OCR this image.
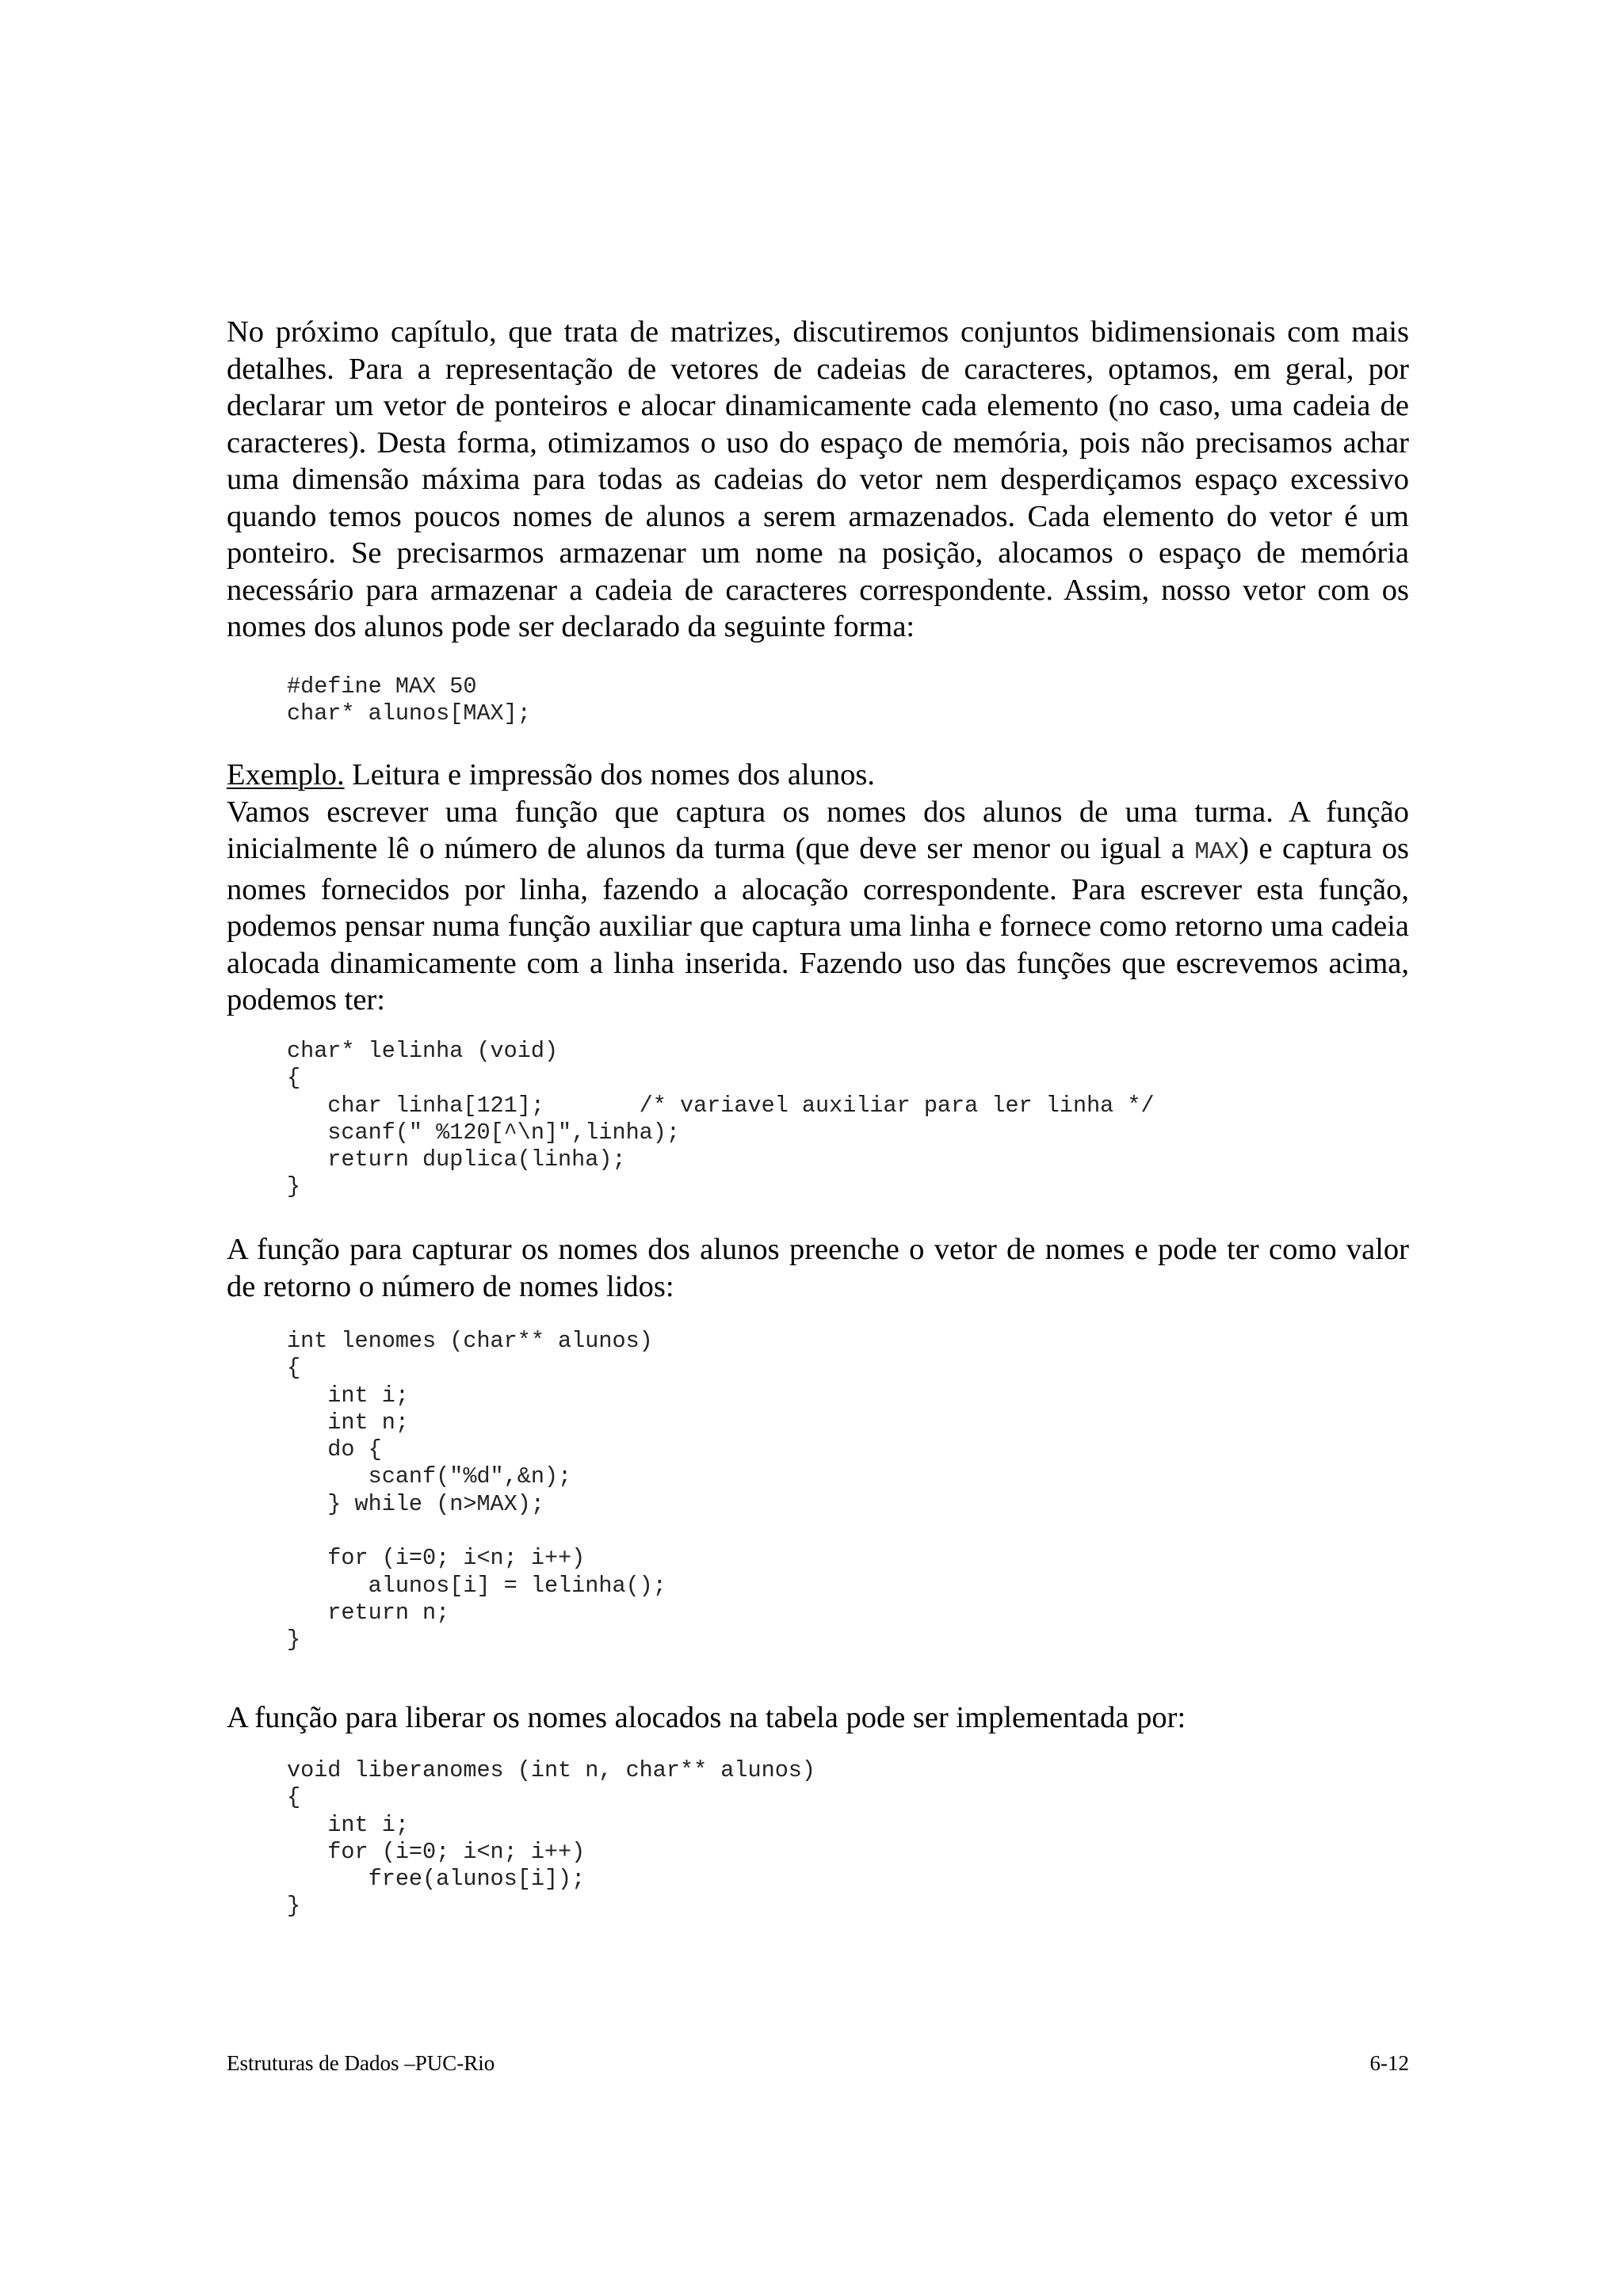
No próximo capítulo, que trata de matrizes, discutiremos conjuntos bidimensionais com mais detalhes. Para a representação de vetores de cadeias de caracteres, optamos, em geral, por declarar um vetor de ponteiros e alocar dinamicamente cada elemento (no caso, uma cadeia de caracteres). Desta forma, otimizamos o uso do espaço de memória, pois não precisamos achar uma dimensão máxima para todas as cadeias do vetor nem desperdiçamos espaço excessivo quando temos poucos nomes de alunos a serem armazenados. Cada elemento do vetor é um ponteiro. Se precisarmos armazenar um nome na posição, alocamos o espaço de memória necessário para armazenar a cadeia de caracteres correspondente. Assim, nosso vetor com os nomes dos alunos pode ser declarado da seguinte forma:

#define MAX 50
char* alunos[MAX];

Exemplo. Leitura e impressão dos nomes dos alunos.
Vamos escrever uma função que captura os nomes dos alunos de uma turma. A função inicialmente lê o número de alunos da turma (que deve ser menor ou igual a MAX) e captura os nomes fornecidos por linha, fazendo a alocação correspondente. Para escrever esta função, podemos pensar numa função auxiliar que captura uma linha e fornece como retorno uma cadeia alocada dinamicamente com a linha inserida. Fazendo uso das funções que escrevemos acima, podemos ter:

char* lelinha (void)
{
char linha[121];       /* variavel auxiliar para ler linha */
scanf(" %120[^\n]",linha);
return duplica(linha);
}

A função para capturar os nomes dos alunos preenche o vetor de nomes e pode ter como valor de retorno o número de nomes lidos:

int lenomes (char** alunos)
{
int i;
int n;
do {
scanf("%d",&n);
} while (n>MAX);

for (i=0; i<n; i++)
alunos[i] = lelinha();
return n;
}

A função para liberar os nomes alocados na tabela pode ser implementada por:

void liberanomes (int n, char** alunos)
{
int i;
for (i=0; i<n; i++)
free(alunos[i]);
}
Estruturas de Dados –PUC-Rio	6-12
